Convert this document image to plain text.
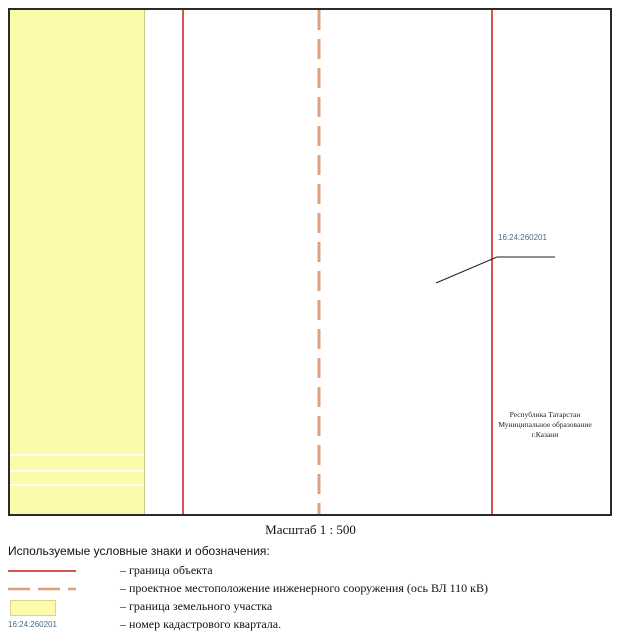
16:24:260201
Республика Татарстан
Муниципальное образование
г.Казани
Масштаб 1 : 500
Используемые условные знаки и обозначения:
– граница объекта
– проектное местоположение инженерного сооружения (ось ВЛ 110 кВ)
– граница земельного участка
16:24:260201	– номер кадастрового квартала.
